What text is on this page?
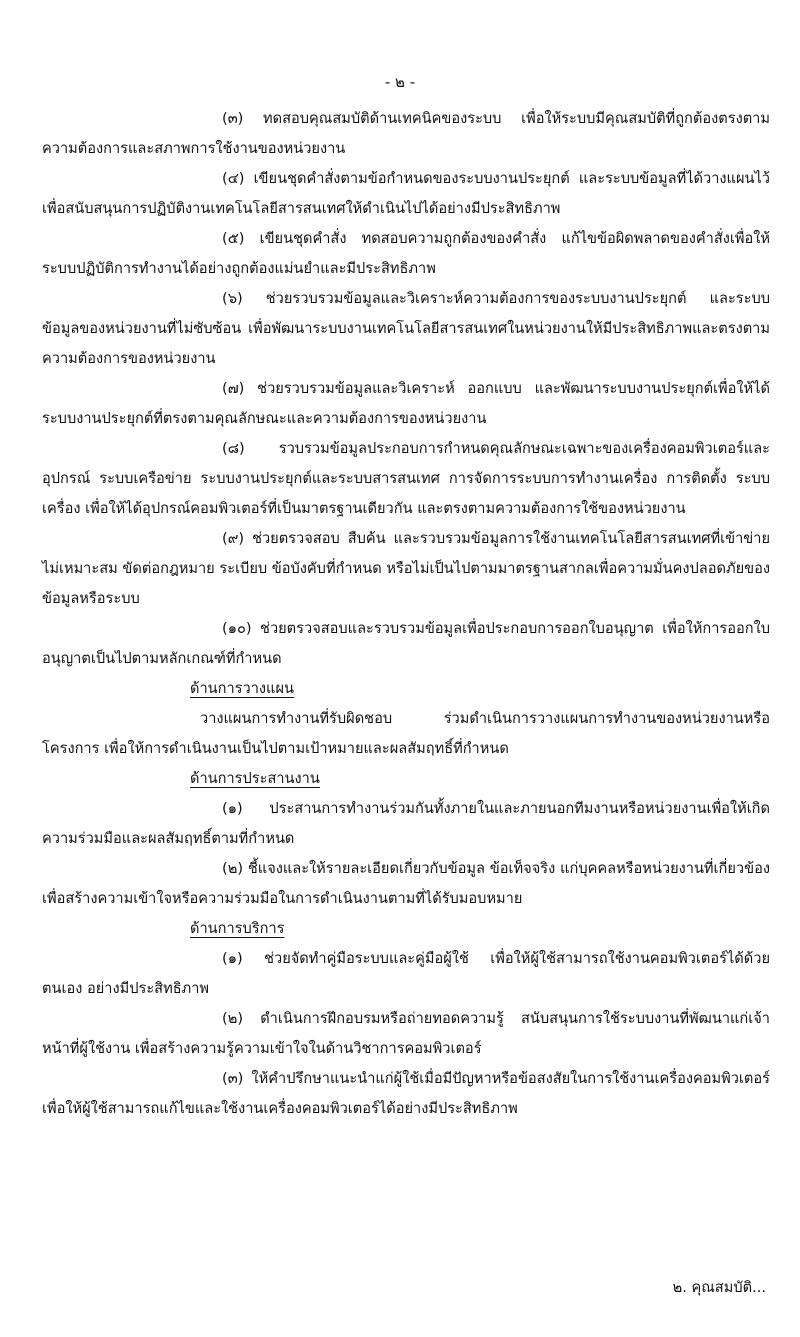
- ๒ -

(๓) ทดสอบคุณสมบัติด้านเทคนิคของระบบ เพื่อให้ระบบมีคุณสมบัติที่ถูกต้องตรงตามความต้องการและสภาพการใช้งานของหน่วยงาน

(๔) เขียนชุดคำสั่งตามข้อกำหนดของระบบงานประยุกต์ และระบบข้อมูลที่ได้วางแผนไว้ เพื่อสนับสนุนการปฏิบัติงานเทคโนโลยีสารสนเทศให้ดำเนินไปได้อย่างมีประสิทธิภาพ

(๕) เขียนชุดคำสั่ง ทดสอบความถูกต้องของคำสั่ง แก้ไขข้อผิดพลาดของคำสั่งเพื่อให้ระบบปฏิบัติการทำงานได้อย่างถูกต้องแม่นยำและมีประสิทธิภาพ

(๖) ช่วยรวบรวมข้อมูลและวิเคราะห์ความต้องการของระบบงานประยุกต์ และระบบข้อมูลของหน่วยงานที่ไม่ซับซ้อน เพื่อพัฒนาระบบงานเทคโนโลยีสารสนเทศในหน่วยงานให้มีประสิทธิภาพและตรงตามความต้องการของหน่วยงาน

(๗) ช่วยรวบรวมข้อมูลและวิเคราะห์ ออกแบบ และพัฒนาระบบงานประยุกต์เพื่อให้ได้ระบบงานประยุกต์ที่ตรงตามคุณลักษณะและความต้องการของหน่วยงาน

(๘) รวบรวมข้อมูลประกอบการกำหนดคุณลักษณะเฉพาะของเครื่องคอมพิวเตอร์และอุปกรณ์ ระบบเครือข่าย ระบบงานประยุกต์และระบบสารสนเทศ การจัดการระบบการทำงานเครื่อง การติดตั้ง ระบบเครื่อง เพื่อให้ได้อุปกรณ์คอมพิวเตอร์ที่เป็นมาตรฐานเดียวกัน และตรงตามความต้องการใช้ของหน่วยงาน

(๙) ช่วยตรวจสอบ สืบค้น และรวบรวมข้อมูลการใช้งานเทคโนโลยีสารสนเทศที่เข้าข่ายไม่เหมาะสม ขัดต่อกฎหมาย ระเบียบ ข้อบังคับที่กำหนด หรือไม่เป็นไปตามมาตรฐานสากลเพื่อความมั่นคงปลอดภัยของข้อมูลหรือระบบ

(๑๐) ช่วยตรวจสอบและรวบรวมข้อมูลเพื่อประกอบการออกใบอนุญาต เพื่อให้การออกใบอนุญาตเป็นไปตามหลักเกณฑ์ที่กำหนด

ด้านการวางแผน

วางแผนการทำงานที่รับผิดชอบ ร่วมดำเนินการวางแผนการทำงานของหน่วยงานหรือโครงการ เพื่อให้การดำเนินงานเป็นไปตามเป้าหมายและผลสัมฤทธิ์ที่กำหนด

ด้านการประสานงาน

(๑) ประสานการทำงานร่วมกันทั้งภายในและภายนอกทีมงานหรือหน่วยงานเพื่อให้เกิดความร่วมมือและผลสัมฤทธิ์ตามที่กำหนด

(๒) ชี้แจงและให้รายละเอียดเกี่ยวกับข้อมูล ข้อเท็จจริง แก่บุคคลหรือหน่วยงานที่เกี่ยวข้อง เพื่อสร้างความเข้าใจหรือความร่วมมือในการดำเนินงานตามที่ได้รับมอบหมาย

ด้านการบริการ

(๑) ช่วยจัดทำคู่มือระบบและคู่มือผู้ใช้ เพื่อให้ผู้ใช้สามารถใช้งานคอมพิวเตอร์ได้ด้วยตนเอง อย่างมีประสิทธิภาพ

(๒) ดำเนินการฝึกอบรมหรือถ่ายทอดความรู้ สนับสนุนการใช้ระบบงานที่พัฒนาแก่เจ้าหน้าที่ผู้ใช้งาน เพื่อสร้างความรู้ความเข้าใจในด้านวิชาการคอมพิวเตอร์

(๓) ให้คำปรึกษาแนะนำแก่ผู้ใช้เมื่อมีปัญหาหรือข้อสงสัยในการใช้งานเครื่องคอมพิวเตอร์ เพื่อให้ผู้ใช้สามารถแก้ไขและใช้งานเครื่องคอมพิวเตอร์ได้อย่างมีประสิทธิภาพ

๒. คุณสมบัติ...
